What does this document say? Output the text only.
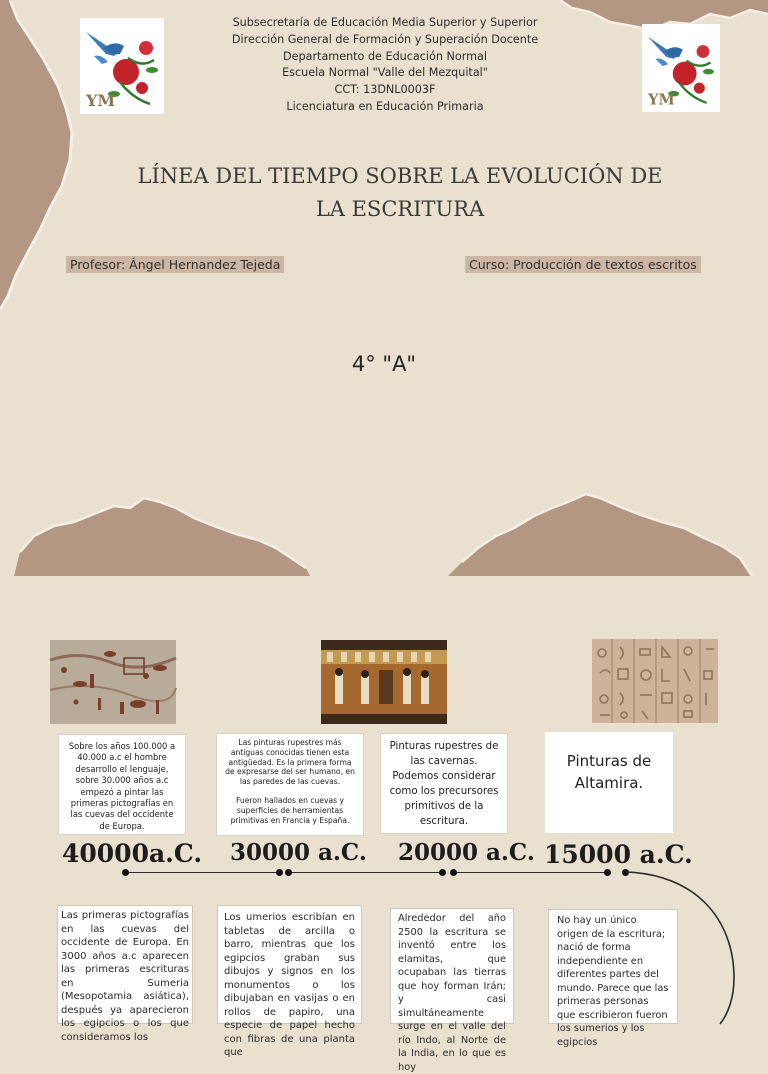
YM	YM
Subsecretaría de Educación Media Superior y Superior
Dirección General de Formación y Superación Docente
Departamento de Educación Normal
Escuela Normal "Valle del Mezquital"
CCT: 13DNL0003F
Licenciatura en Educación Primaria
LÍNEA DEL TIEMPO SOBRE LA EVOLUCIÓN DE
LA ESCRITURA
Profesor: Ángel Hernandez Tejeda	Curso: Producción de textos escritos
4° "A"
Sobre los años 100.000 a 40.000 a.c el hombre desarrollo el lenguaje, sobre 30.000 años a.c empezó a pintar las primeras pictografías en las cuevas del occidente de Europa.
Las pinturas rupestres más antiguas conocidas tienen esta antigüedad. Es la primera forma de expresarse del ser humano, en las paredes de las cuevas.
Fueron hallados en cuevas y superficies de herramientas primitivas en Francia y España.
Pinturas rupestres de las cavernas. Podemos considerar como los precursores primitivos de la escritura.
Pinturas de Altamira.
40000a.C. 30000 a.C. 20000 a.C. 15000 a.C.
Las primeras pictografías en las cuevas del occidente de Europa. En 3000 años a.c aparecen las primeras escrituras en Sumeria (Mesopotamia asiática), después ya aparecieron los egipcios o los que consideramos los
Los umerios escribían en tabletas de arcilla o barro, mientras que los egipcios graban sus dibujos y signos en los monumentos o los dibujaban en vasijas o en rollos de papiro, una especie de papel hecho con fibras de una planta que
Alrededor del año 2500 la escritura se inventó entre los elamitas, que ocupaban las tierras que hoy forman Irán; y casi simultáneamente surge en el valle del río Indo, al Norte de la India, en lo que es hoy
No hay un único origen de la escritura; nació de forma independiente en diferentes partes del mundo. Parece que las primeras personas que escribieron fueron los sumerios y los egipcios
